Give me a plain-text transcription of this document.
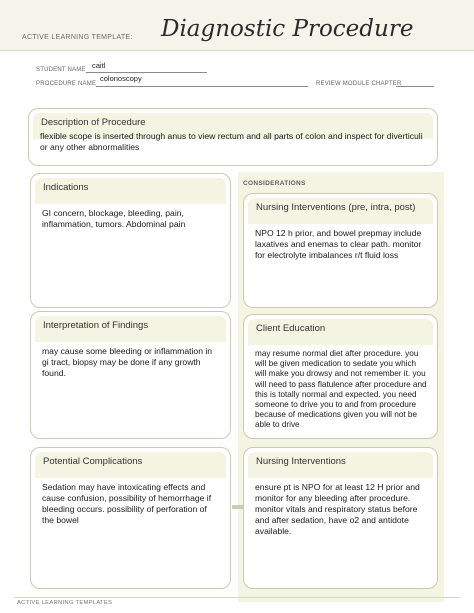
ACTIVE LEARNING TEMPLATE: Diagnostic Procedure
STUDENT NAME caitl
PROCEDURE NAME
colonoscopy
REVIEW MODULE CHAPTER
Description of Procedure
flexible scope is inserted through anus to view rectum and all parts of colon and inspect for diverticuli or any other abnormalities
CONSIDERATIONS
Indications
GI concern, blockage, bleeding, pain, inflammation, tumors. Abdominal pain
Nursing Interventions (pre, intra, post)
NPO 12 h prior, and bowel prepmay include laxatives and enemas to clear path. monitor for electrolyte imbalances r/t fluid loss
Interpretation of Findings
may cause some bleeding or inflammation in gi tract, biopsy may be done if any growth found.
Client Education
may resume normal diet after procedure. you will be given medication to sedate you which will make you drowsy and not remember it. you will need to pass flatulence after procedure and this is totally normal and expected. you need someone to drive you to and from procedure because of medications given you will not be able to drive
Potential Complications
Sedation may have intoxicating effects and cause confusion, possibility of hemorrhage if bleeding occurs. possibility of perforation of the bowel
Nursing Interventions
ensure pt is NPO for at least 12 H prior and monitor for any bleeding after procedure. monitor vitals and respiratory status before and after sedation, have o2 and antidote available.
ACTIVE LEARNING TEMPLATES
